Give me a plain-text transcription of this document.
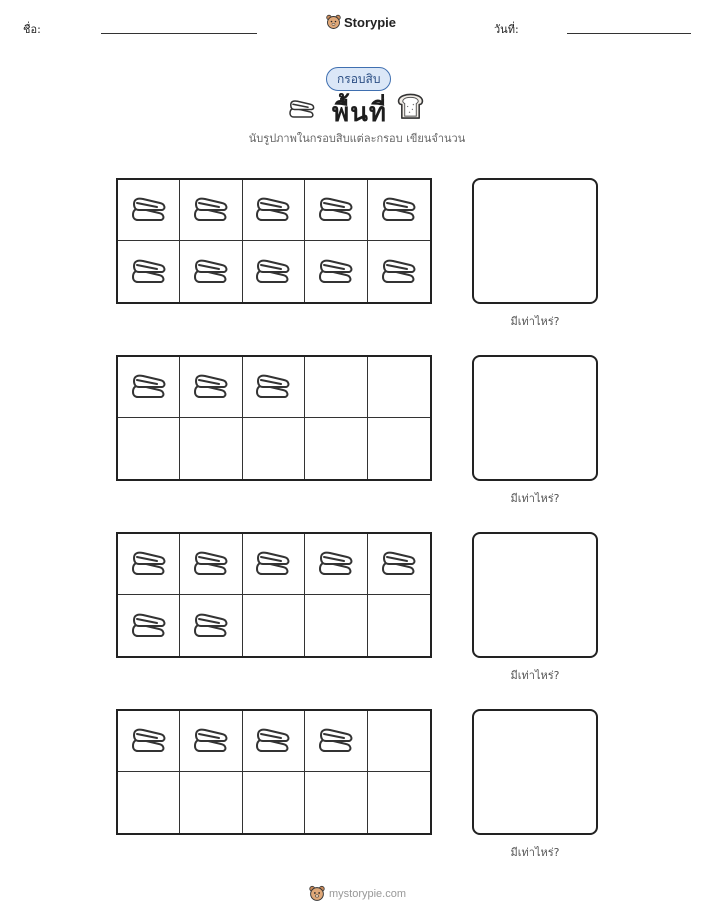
ชื่อ:	Storypie	วันที่:
กรอบสิบ
พื้นที่
นับรูปภาพในกรอบสิบแต่ละกรอบ เขียนจำนวน
มีเท่าไหร่?
มีเท่าไหร่?
มีเท่าไหร่?
มีเท่าไหร่?
mystorypie.com
